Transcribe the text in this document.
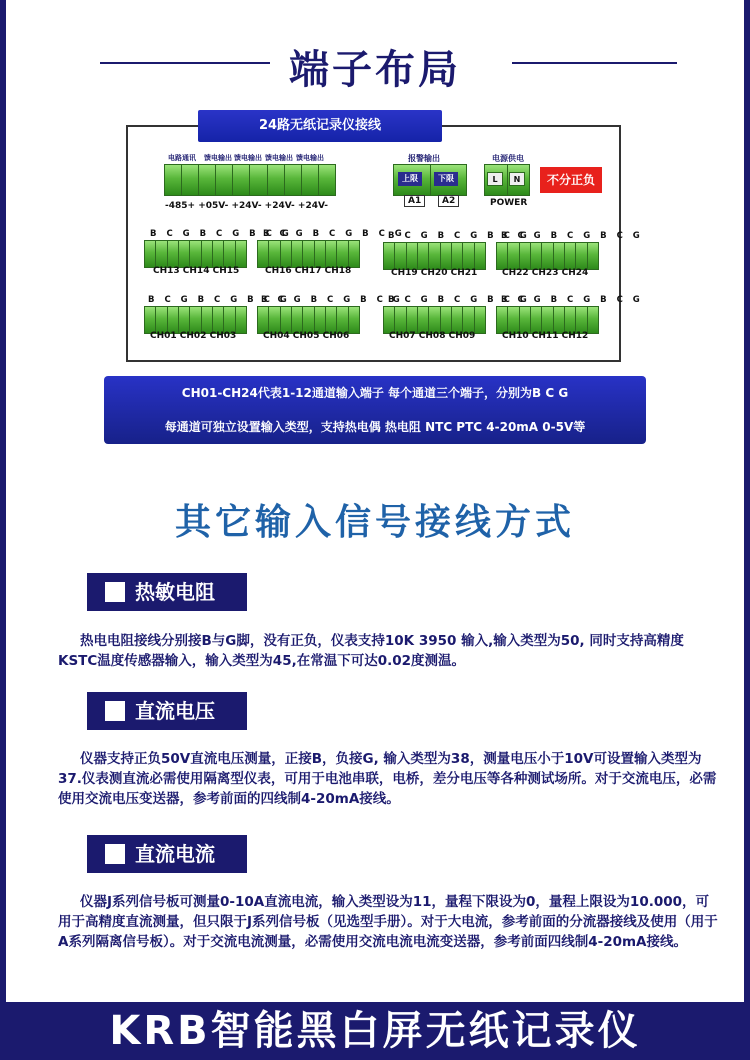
端子布局
24路无纸记录仪接线
电路通讯 馈电输出 馈电输出 馈电输出 馈电输出
-485+ +05V- +24V- +24V- +24V-
报警输出
上限	下限
A1	A2
电源供电
L	N
POWER
不分正负
B C G B C G B C G
B C G B C G B C G
B C G B C G B C G
B C G B C G B C G
CH13 CH14 CH15	CH16 CH17 CH18	CH19 CH20 CH21	CH22 CH23 CH24
B C G B C G B C G
B C G B C G B C G
B C G B C G B C G
B C G B C G B C G
CH01 CH02 CH03	CH04 CH05 CH06	CH07 CH08 CH09	CH10 CH11 CH12
CH01-CH24代表1-12通道输入端子 每个通道三个端子，分别为B C G
每通道可独立设置输入类型，支持热电偶 热电阻 NTC PTC 4-20mA 0-5V等
其它输入信号接线方式
热敏电阻
热电电阻接线分别接B与G脚，没有正负，仪表支持10K 3950 输入,输入类型为50, 同时支持高精度KSTC温度传感器输入，输入类型为45,在常温下可达0.02度测温。
直流电压
仪器支持正负50V直流电压测量，正接B，负接G, 输入类型为38，测量电压小于10V可设置输入类型为37.仪表测直流必需使用隔离型仪表，可用于电池串联，电桥，差分电压等各种测试场所。对于交流电压，必需使用交流电压变送器，参考前面的四线制4-20mA接线。
直流电流
仪器J系列信号板可测量0-10A直流电流，输入类型设为11，量程下限设为0，量程上限设为10.000，可用于高精度直流测量，但只限于J系列信号板（见选型手册）。对于大电流，参考前面的分流器接线及使用（用于A系列隔离信号板）。对于交流电流测量，必需使用交流电流电流变送器，参考前面四线制4-20mA接线。
KRB智能黑白屏无纸记录仪
